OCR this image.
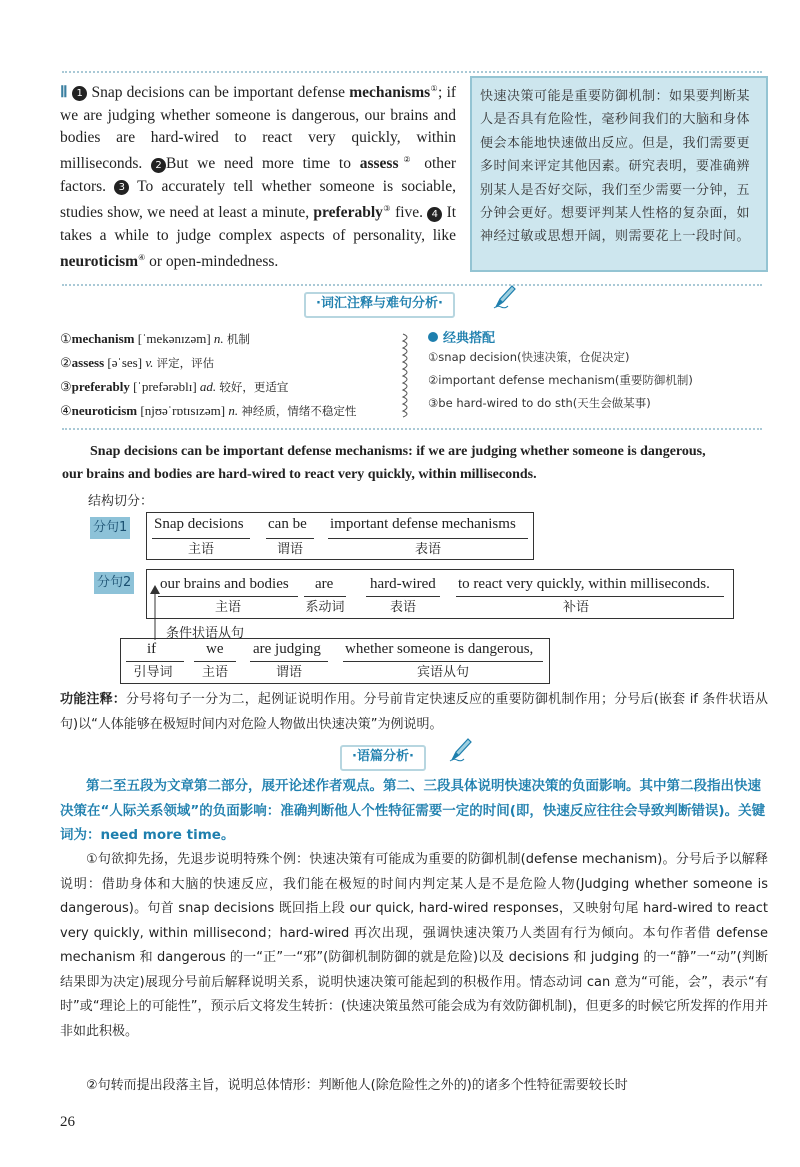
Ⅱ 1 Snap decisions can be important defense mechanisms①; if we are judging whether someone is dangerous, our brains and bodies are hard-wired to react very quickly, within milliseconds. 2 But we need more time to assess② other factors. 3 To accurately tell whether someone is sociable, studies show, we need at least a minute, preferably③ five. 4 It takes a while to judge complex aspects of personality, like neuroticism④ or open-mindedness.
快速决策可能是重要防御机制：如果要判断某人是否具有危险性，毫秒间我们的大脑和身体便会本能地快速做出反应。但是，我们需要更多时间来评定其他因素。研究表明，要准确辨别某人是否好交际，我们至少需要一分钟，五分钟会更好。想要评判某人性格的复杂面，如神经过敏或思想开阔，则需要花上一段时间。
·词汇注释与难句分析·
①mechanism [ˈmekənɪzəm] n. 机制
②assess [əˈses] v. 评定，评估
③preferably [ˈprefərəblɪ] ad. 较好，更适宜
④neuroticism [njʊəˈrɒtɪsɪzəm] n. 神经质，情绪不稳定性
经典搭配
①snap decision(快速决策，仓促决定)
②important defense mechanism(重要防御机制)
③be hard-wired to do sth(天生会做某事)
Snap decisions can be important defense mechanisms: if we are judging whether someone is dangerous,
our brains and bodies are hard-wired to react very quickly, within milliseconds.
结构切分：
分句1 Snap decisions
主语
can be
谓语
important defense mechanisms
表语
分句2 our brains and bodies
主语
are
系动词
hard-wired
表语
to react very quickly, within milliseconds.
补语
条件状语从句
if
引导词
we
主语
are judging
谓语
whether someone is dangerous,
宾语从句
功能注释：分号将句子一分为二，起例证说明作用。分号前肯定快速反应的重要防御机制作用；分号后(嵌套 if 条件状语从句)以“人体能够在极短时间内对危险人物做出快速决策”为例说明。
·语篇分析·
第二至五段为文章第二部分，展开论述作者观点。第二、三段具体说明快速决策的负面影响。其中第二段指出快速决策在“人际关系领域”的负面影响：准确判断他人个性特征需要一定的时间(即，快速反应往往会导致判断错误)。关键词为：need more time。
①句欲抑先扬，先退步说明特殊个例：快速决策有可能成为重要的防御机制(defense mechanism)。分号后予以解释说明：借助身体和大脑的快速反应，我们能在极短的时间内判定某人是不是危险人物(Judging whether someone is dangerous)。句首 snap decisions 既回指上段 our quick, hard-wired responses，又映射句尾 hard-wired to react very quickly, within millisecond；hard-wired 再次出现，强调快速决策乃人类固有行为倾向。本句作者借 defense mechanism 和 dangerous 的一“正”一“邪”(防御机制防御的就是危险)以及 decisions 和 judging 的一“静”一“动”(判断结果即为决定)展现分号前后解释说明关系，说明快速决策可能起到的积极作用。情态动词 can 意为“可能，会”，表示“有时”或“理论上的可能性”，预示后文将发生转折：(快速决策虽然可能会成为有效防御机制)，但更多的时候它所发挥的作用并非如此积极。
②句转而提出段落主旨，说明总体情形：判断他人(除危险性之外的)的诸多个性特征需要较长时
26
